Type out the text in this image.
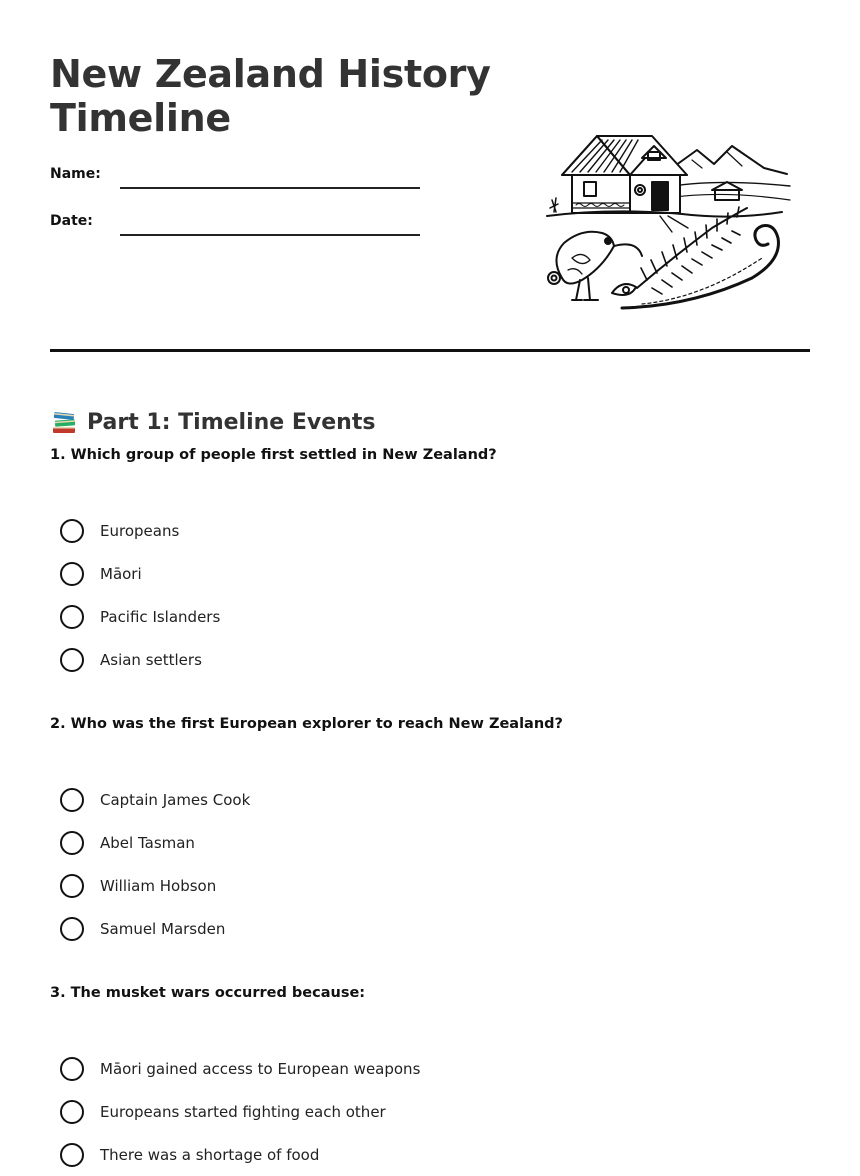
New Zealand History Timeline
Name:
Date:
Part 1: Timeline Events
1. Which group of people first settled in New Zealand?
Europeans
Māori
Pacific Islanders
Asian settlers
2. Who was the first European explorer to reach New Zealand?
Captain James Cook
Abel Tasman
William Hobson
Samuel Marsden
3. The musket wars occurred because:
Māori gained access to European weapons
Europeans started fighting each other
There was a shortage of food
